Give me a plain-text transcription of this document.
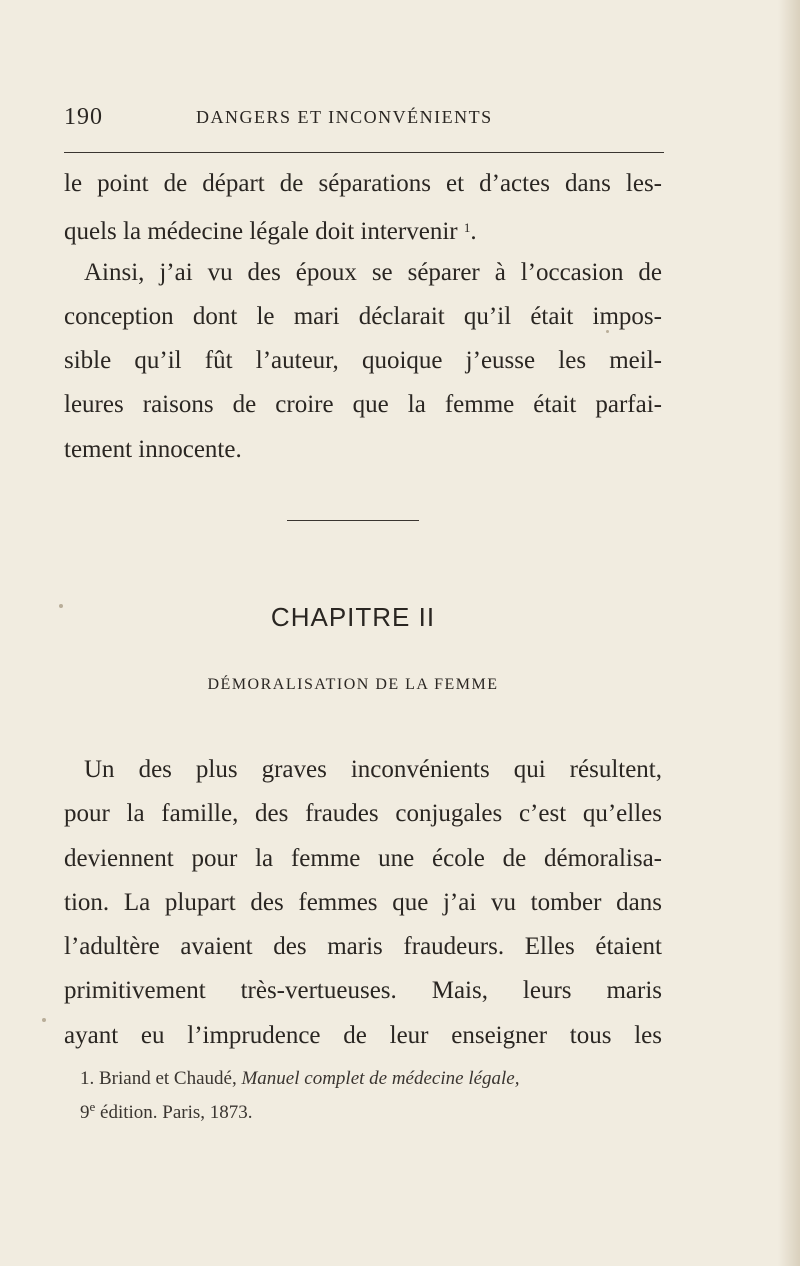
190	DANGERS ET INCONVÉNIENTS
le point de départ de séparations et d’actes dans les-
quels la médecine légale doit intervenir $^1$.
Ainsi, j’ai vu des époux se séparer à l’occasion de
conception dont le mari déclarait qu’il était impos-
sible qu’il fût l’auteur, quoique j’eusse les meil-
leures raisons de croire que la femme était parfai-
tement innocente.
CHAPITRE II
DÉMORALISATION DE LA FEMME
Un des plus graves inconvénients qui résultent,
pour la famille, des fraudes conjugales c’est qu’elles
deviennent pour la femme une école de démoralisa-
tion. La plupart des femmes que j’ai vu tomber dans
l’adultère avaient des maris fraudeurs. Elles étaient
primitivement très-vertueuses. Mais, leurs maris
ayant eu l’imprudence de leur enseigner tous les
1. Briand et Chaudé, Manuel complet de médecine légale,
9e édition. Paris, 1873.
